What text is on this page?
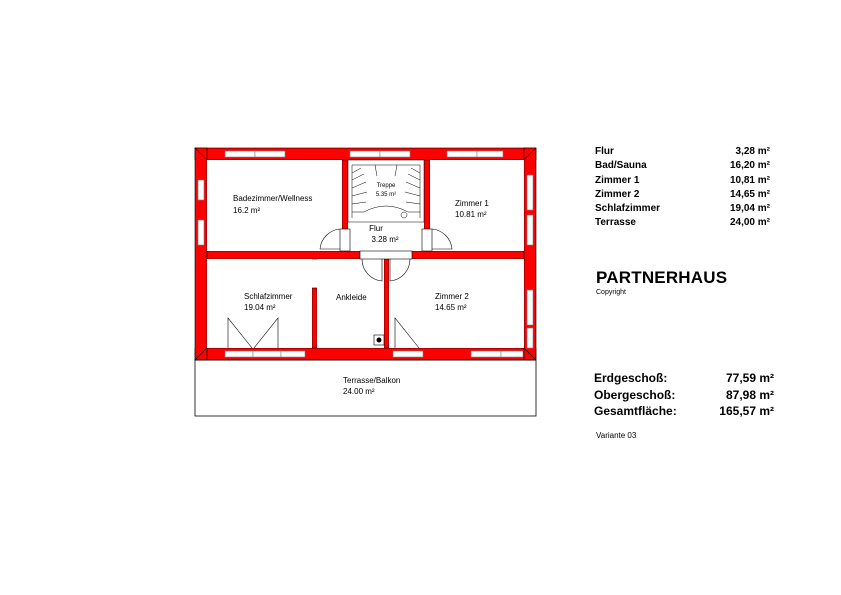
Badezimmer/Wellness
16.2 m²
Treppe
5.35 m²
Zimmer 1
10.81 m²
Flur
3.28 m²
Schlafzimmer
19.04 m²
Ankleide	Zimmer 2
14.65 m²
Terrasse/Balkon
24.00 m²
Flur	3,28 m²
Bad/Sauna	16,20 m²
Zimmer 1	10,81 m²
Zimmer 2	14,65 m²
Schlafzimmer	19,04 m²
Terrasse	24,00 m²
PARTNERHAUS
Copyright
Erdgeschoß:	77,59 m²
Obergeschoß:	87,98 m²
Gesamtfläche:	165,57 m²
Variante 03
